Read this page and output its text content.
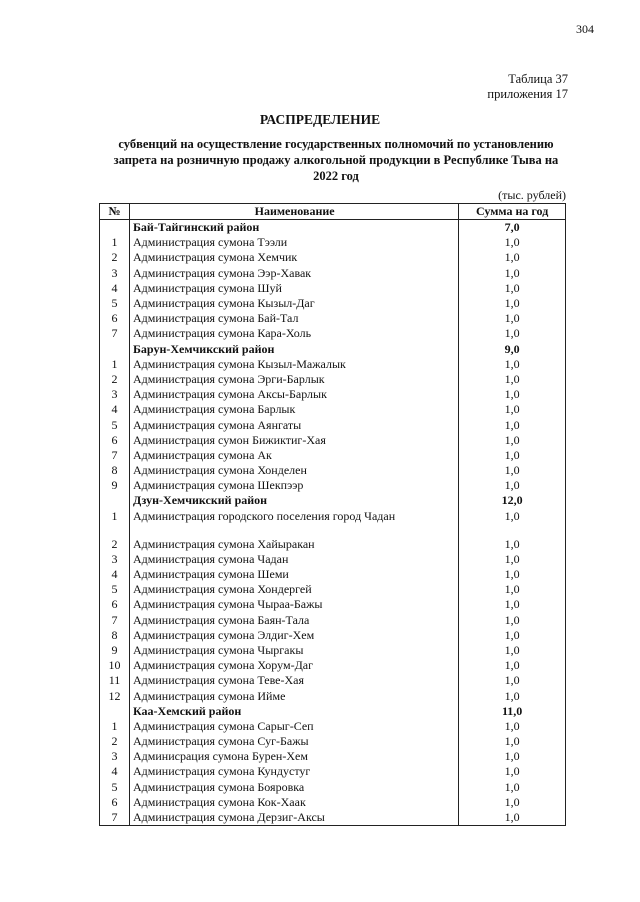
304
Таблица 37
приложения 17
РАСПРЕДЕЛЕНИЕ
субвенций на осуществление государственных полномочий по установлению
запрета на розничную продажу алкогольной продукции в Республике Тыва на
2022 год
(тыс. рублей)
№	Наименование	Сумма на год
	Бай-Тайгинский район	7,0
1	Администрация сумона Тээли	1,0
2	Администрация сумона Хемчик	1,0
3	Администрация сумона Ээр-Хавак	1,0
4	Администрация сумона Шуй	1,0
5	Администрация сумона Кызыл-Даг	1,0
6	Администрация сумона Бай-Тал	1,0
7	Администрация сумона Кара-Холь	1,0
	Барун-Хемчикский район	9,0
1	Администрация сумона Кызыл-Мажалык	1,0
2	Администрация сумона Эрги-Барлык	1,0
3	Администрация сумона Аксы-Барлык	1,0
4	Администрация сумона Барлык	1,0
5	Администрация сумона Аянгаты	1,0
6	Администрация сумон Бижиктиг-Хая	1,0
7	Администрация сумона Ак	1,0
8	Администрация сумона Хонделен	1,0
9	Администрация сумона Шекпээр	1,0
	Дзун-Хемчикский район	12,0
1	Администрация городского поселения город Чадан	1,0
2	Администрация сумона Хайыракан	1,0
3	Администрация сумона Чадан	1,0
4	Администрация сумона Шеми	1,0
5	Администрация сумона Хондергей	1,0
6	Администрация сумона Чыраа-Бажы	1,0
7	Администрация сумона Баян-Тала	1,0
8	Администрация сумона Элдиг-Хем	1,0
9	Администрация сумона Чыргакы	1,0
10	Администрация сумона Хорум-Даг	1,0
11	Администрация сумона Теве-Хая	1,0
12	Администрация сумона Ийме	1,0
	Каа-Хемский район	11,0
1	Администрация сумона Сарыг-Сеп	1,0
2	Администрация сумона Суг-Бажы	1,0
3	Админисрация сумона Бурен-Хем	1,0
4	Администрация сумона Кундустуг	1,0
5	Администрация сумона Бояровка	1,0
6	Администрация сумона Кок-Хаак	1,0
7	Администрация сумона Дерзиг-Аксы	1,0
